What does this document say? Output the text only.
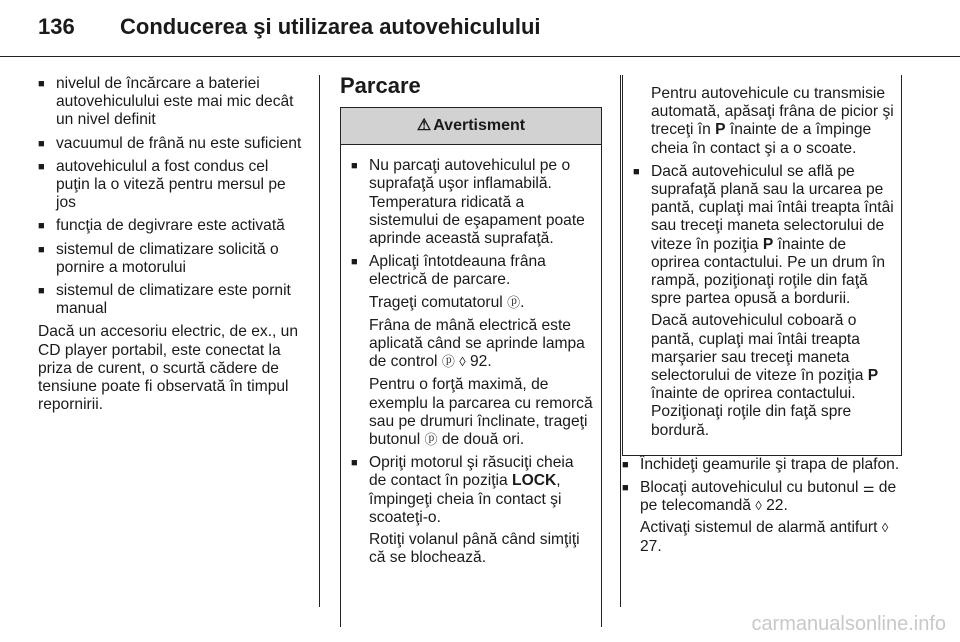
136	Conducerea şi utilizarea autovehiculului
■ nivelul de încărcare a bateriei autovehiculului este mai mic decât un nivel definit
■ vacuumul de frână nu este suficient
■ autovehiculul a fost condus cel puţin la o viteză pentru mersul pe jos
■ funcţia de degivrare este activată
■ sistemul de climatizare solicită o pornire a motorului
■ sistemul de climatizare este pornit manual

Dacă un accesoriu electric, de ex., un CD player portabil, este conectat la priza de curent, o scurtă cădere de tensiune poate fi observată în timpul repornirii.

Parcare
⚠ Avertisment
■ Nu parcaţi autovehiculul pe o suprafaţă uşor inflamabilă. Temperatura ridicată a sistemului de eşapament poate aprinde această suprafaţă.
■ Aplicaţi întotdeauna frâna electrică de parcare.

Trageţi comutatorul ⓟ.

Frâna de mână electrică este aplicată când se aprinde lampa de control ⓟ ◊ 92.

Pentru o forţă maximă, de exemplu la parcarea cu remorcă sau pe drumuri înclinate, trageţi butonul ⓟ de două ori.

■ Opriţi motorul şi răsuciţi cheia de contact în poziţia LOCK, împingeţi cheia în contact şi scoateţi-o.

Rotiţi volanul până când simţiţi că se blochează.

Pentru autovehicule cu transmisie automată, apăsaţi frâna de picior şi treceţi în P înainte de a împinge cheia în contact şi a o scoate.

■ Dacă autovehiculul se află pe suprafaţă plană sau la urcarea pe pantă, cuplaţi mai întâi treapta întâi sau treceţi maneta selectorului de viteze în poziţia P înainte de oprirea contactului. Pe un drum în rampă, poziţionaţi roţile din faţă spre partea opusă a bordurii.

Dacă autovehiculul coboară o pantă, cuplaţi mai întâi treapta marşarier sau treceţi maneta selectorului de viteze în poziţia P înainte de oprirea contactului. Poziţionaţi roţile din faţă spre bordură.

■ Închideţi geamurile şi trapa de plafon.
■ Blocaţi autovehiculul cu butonul ⚌ de pe telecomandă ◊ 22.

Activaţi sistemul de alarmă antifurt ◊ 27.

carmanualsonline.info
